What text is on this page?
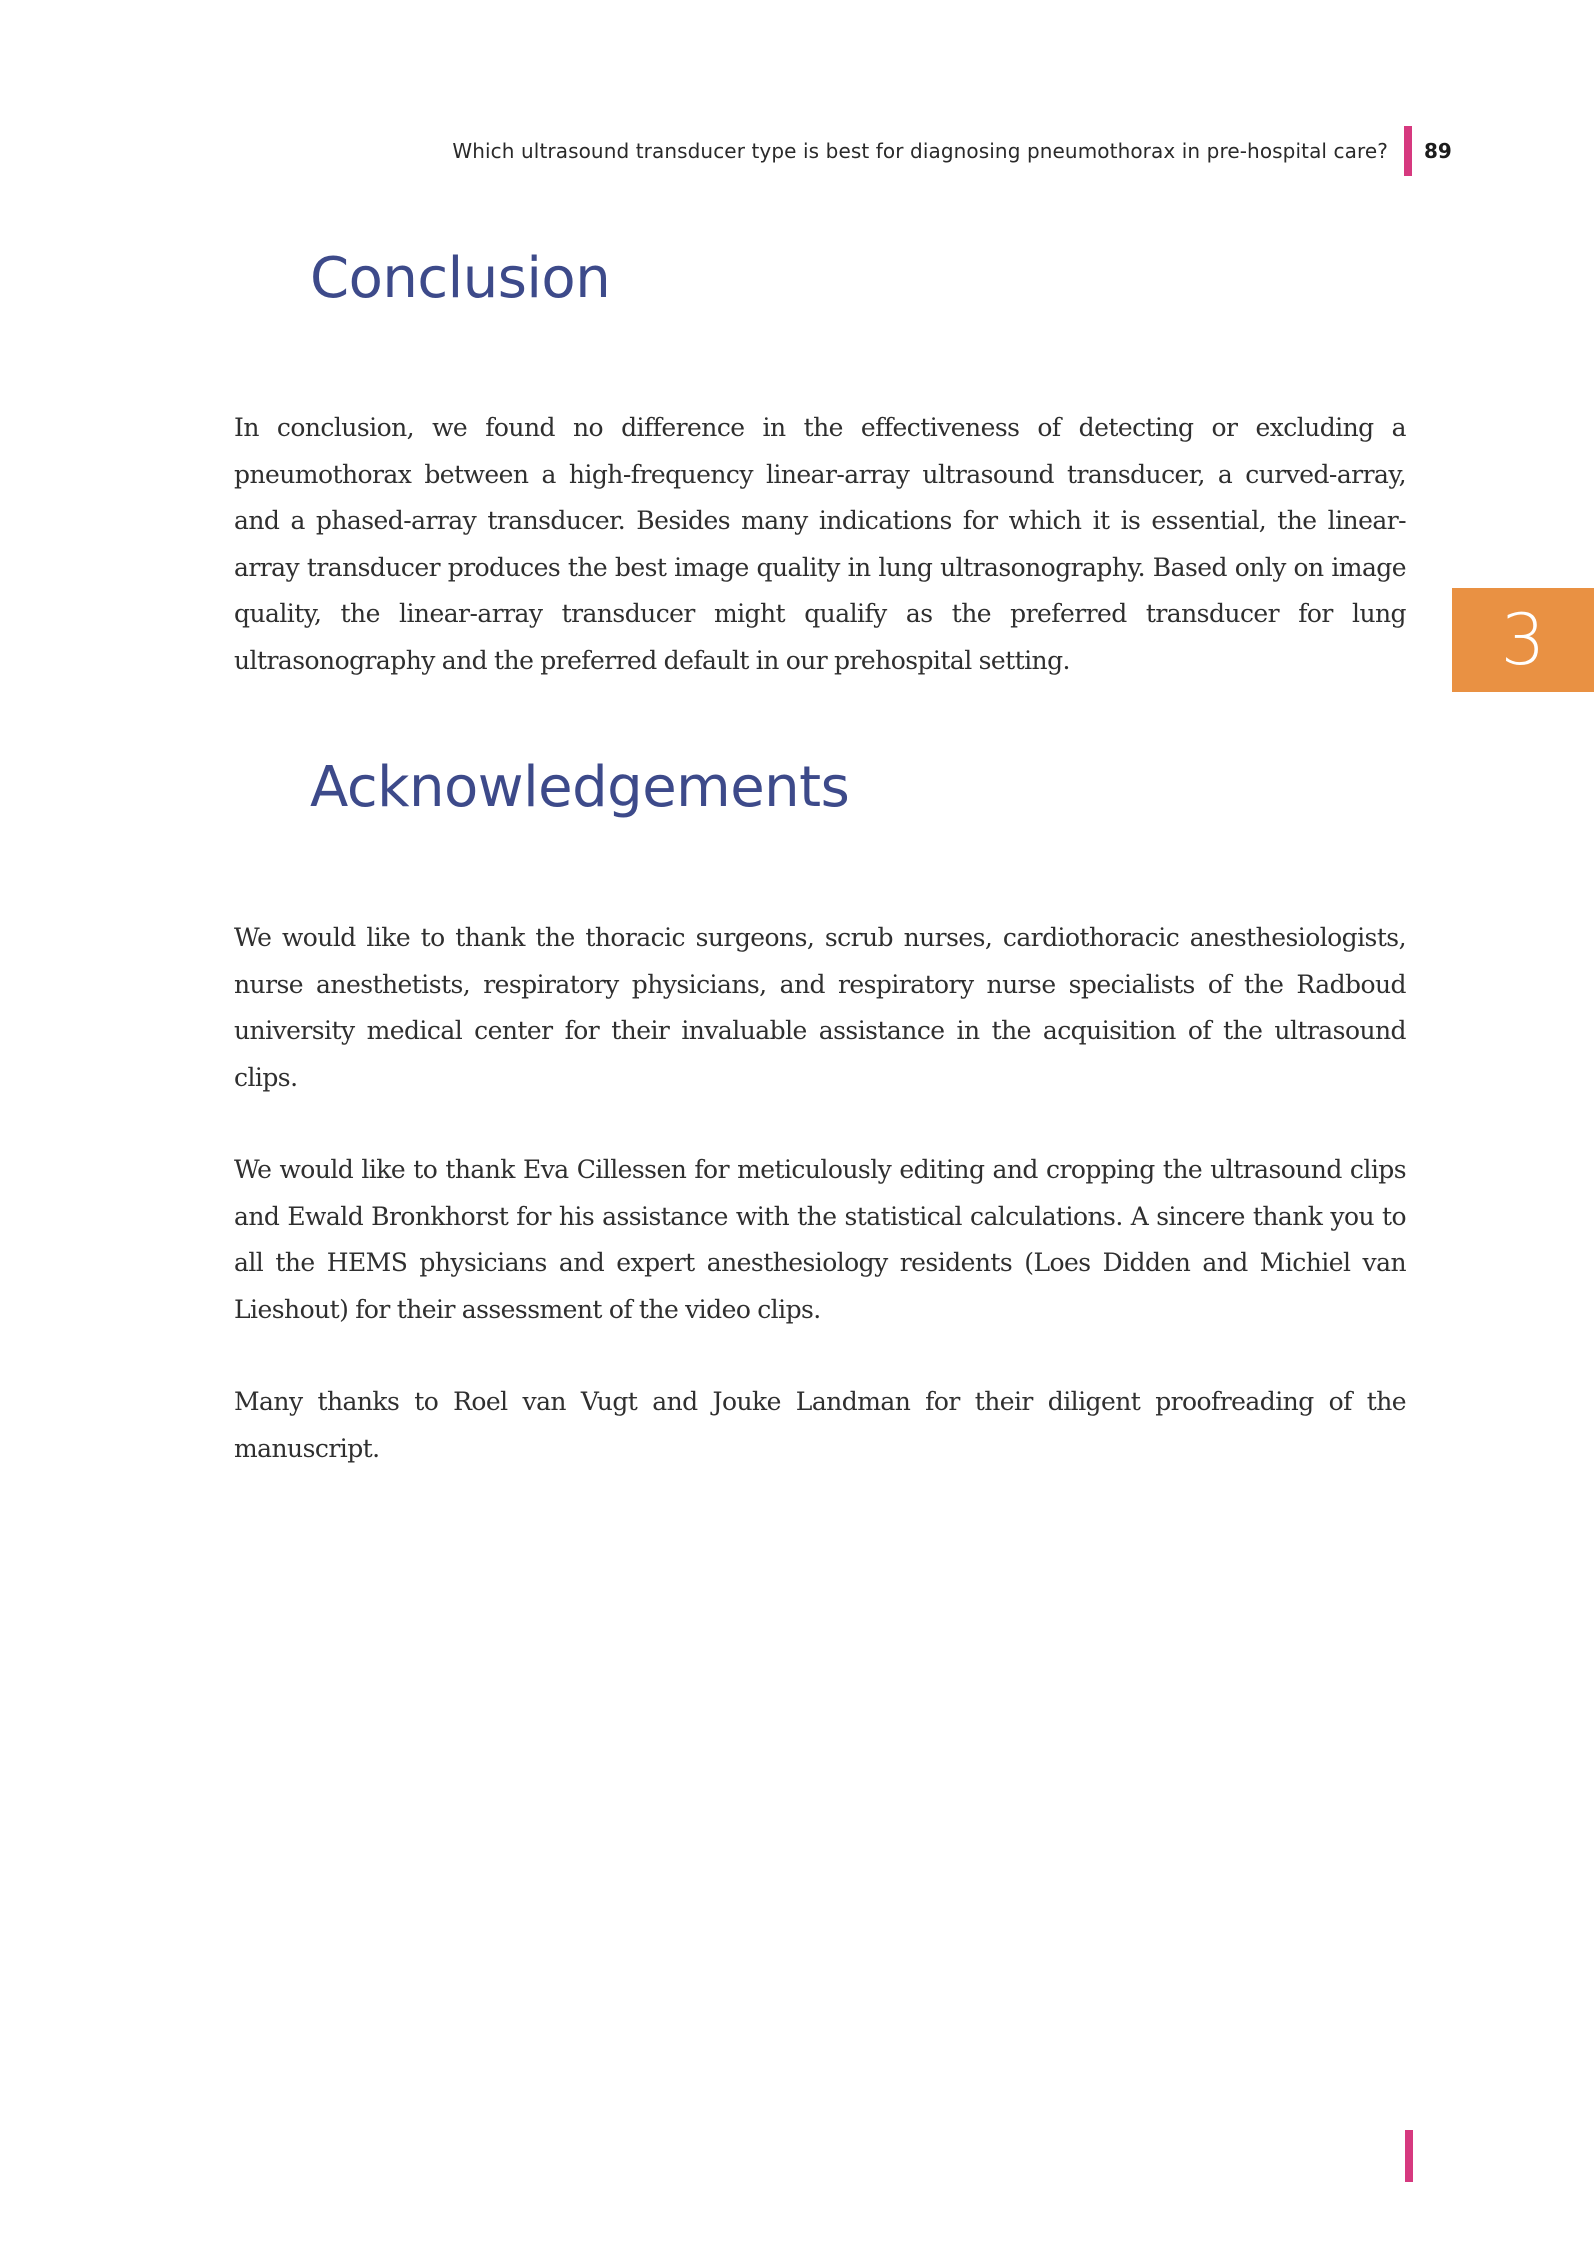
Which ultrasound transducer type is best for diagnosing pneumothorax in pre-hospital care? 89
3
Conclusion

In conclusion, we found no difference in the effectiveness of detecting or excluding a pneumothorax between a high-frequency linear-array ultrasound transducer, a curved-array, and a phased-array transducer. Besides many indications for which it is essential, the linear-array transducer produces the best image quality in lung ultrasonography. Based only on image quality, the linear-array transducer might qualify as the preferred transducer for lung ultrasonography and the preferred default in our prehospital setting.

Acknowledgements

We would like to thank the thoracic surgeons, scrub nurses, cardiothoracic anesthesiologists, nurse anesthetists, respiratory physicians, and respiratory nurse specialists of the Radboud university medical center for their invaluable assistance in the acquisition of the ultrasound clips.

We would like to thank Eva Cillessen for meticulously editing and cropping the ultrasound clips and Ewald Bronkhorst for his assistance with the statistical calculations. A sincere thank you to all the HEMS physicians and expert anesthesiology residents (Loes Didden and Michiel van Lieshout) for their assessment of the video clips.

Many thanks to Roel van Vugt and Jouke Landman for their diligent proofreading of the manuscript.
